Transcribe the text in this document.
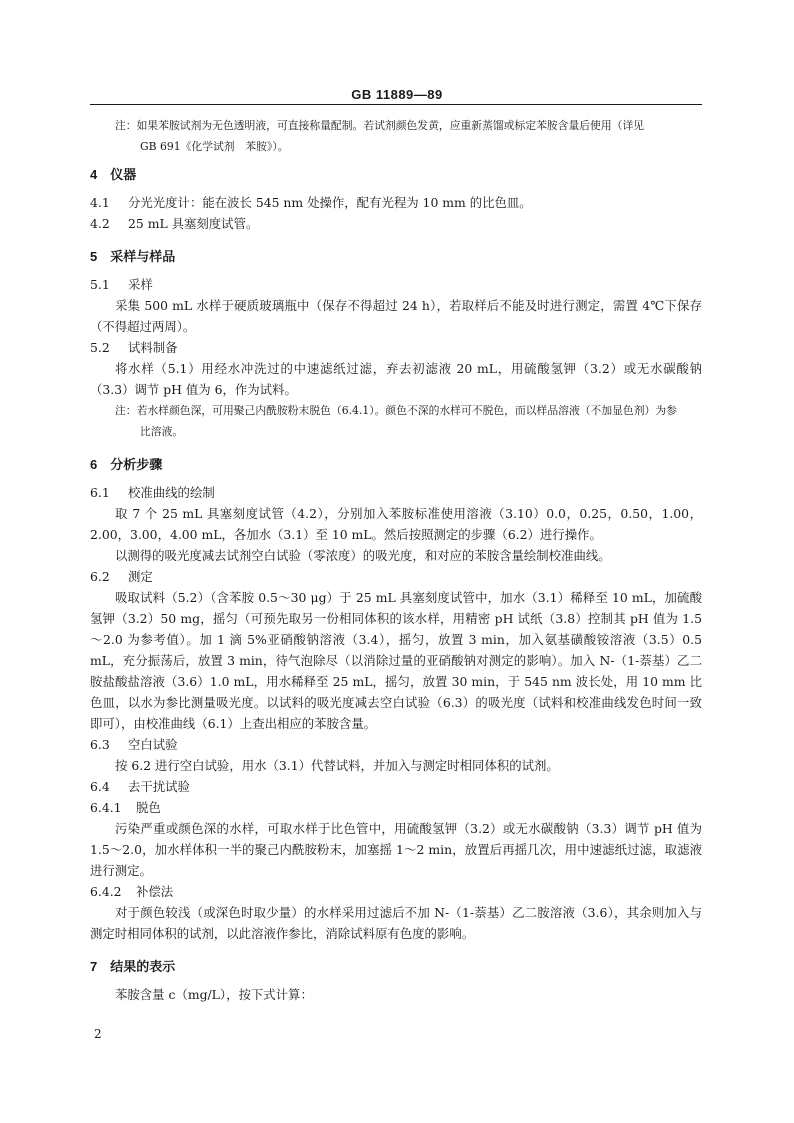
GB 11889—89

注：如果苯胺试剂为无色透明液，可直接称量配制。若试剂颜色发黄，应重新蒸馏或标定苯胺含量后使用（详见
GB 691《化学试剂　苯胺》）。

4　仪器

4.1 分光光度计：能在波长 545 nm 处操作，配有光程为 10 mm 的比色皿。

4.2 25 mL 具塞刻度试管。

5　采样与样品

5.1 采样

采集 500 mL 水样于硬质玻璃瓶中（保存不得超过 24 h），若取样后不能及时进行测定，需置 4℃下保存（不得超过两周）。

5.2 试料制备

将水样（5.1）用经水冲洗过的中速滤纸过滤，弃去初滤液 20 mL，用硫酸氢钾（3.2）或无水碳酸钠（3.3）调节 pH 值为 6，作为试料。

注：若水样颜色深，可用聚己内酰胺粉末脱色（6.4.1）。颜色不深的水样可不脱色，而以样品溶液（不加显色剂）为参
比溶液。

6　分析步骤

6.1 校准曲线的绘制

取 7 个 25 mL 具塞刻度试管（4.2），分别加入苯胺标准使用溶液（3.10）0.0，0.25，0.50，1.00，2.00，3.00，4.00 mL，各加水（3.1）至 10 mL。然后按照测定的步骤（6.2）进行操作。

以测得的吸光度减去试剂空白试验（零浓度）的吸光度，和对应的苯胺含量绘制校准曲线。

6.2 测定

吸取试料（5.2）（含苯胺 0.5～30 μg）于 25 mL 具塞刻度试管中，加水（3.1）稀释至 10 mL，加硫酸氢钾（3.2）50 mg，摇匀（可预先取另一份相同体积的该水样，用精密 pH 试纸（3.8）控制其 pH 值为 1.5～2.0 为参考值）。加 1 滴 5%亚硝酸钠溶液（3.4），摇匀，放置 3 min，加入氨基磺酸铵溶液（3.5）0.5 mL，充分振荡后，放置 3 min，待气泡除尽（以消除过量的亚硝酸钠对测定的影响）。加入 N-（1-萘基）乙二胺盐酸盐溶液（3.6）1.0 mL，用水稀释至 25 mL，摇匀，放置 30 min，于 545 nm 波长处，用 10 mm 比色皿，以水为参比测量吸光度。以试料的吸光度减去空白试验（6.3）的吸光度（试料和校准曲线发色时间一致即可），由校准曲线（6.1）上查出相应的苯胺含量。

6.3 空白试验

按 6.2 进行空白试验，用水（3.1）代替试料，并加入与测定时相同体积的试剂。

6.4 去干扰试验

6.4.1 脱色

污染严重或颜色深的水样，可取水样于比色管中，用硫酸氢钾（3.2）或无水碳酸钠（3.3）调节 pH 值为 1.5～2.0，加水样体积一半的聚己内酰胺粉末，加塞摇 1～2 min，放置后再摇几次，用中速滤纸过滤，取滤液进行测定。

6.4.2 补偿法

对于颜色较浅（或深色时取少量）的水样采用过滤后不加 N-（1-萘基）乙二胺溶液（3.6），其余则加入与测定时相同体积的试剂，以此溶液作参比，消除试料原有色度的影响。

7　结果的表示

苯胺含量 c（mg/L），按下式计算：

2
